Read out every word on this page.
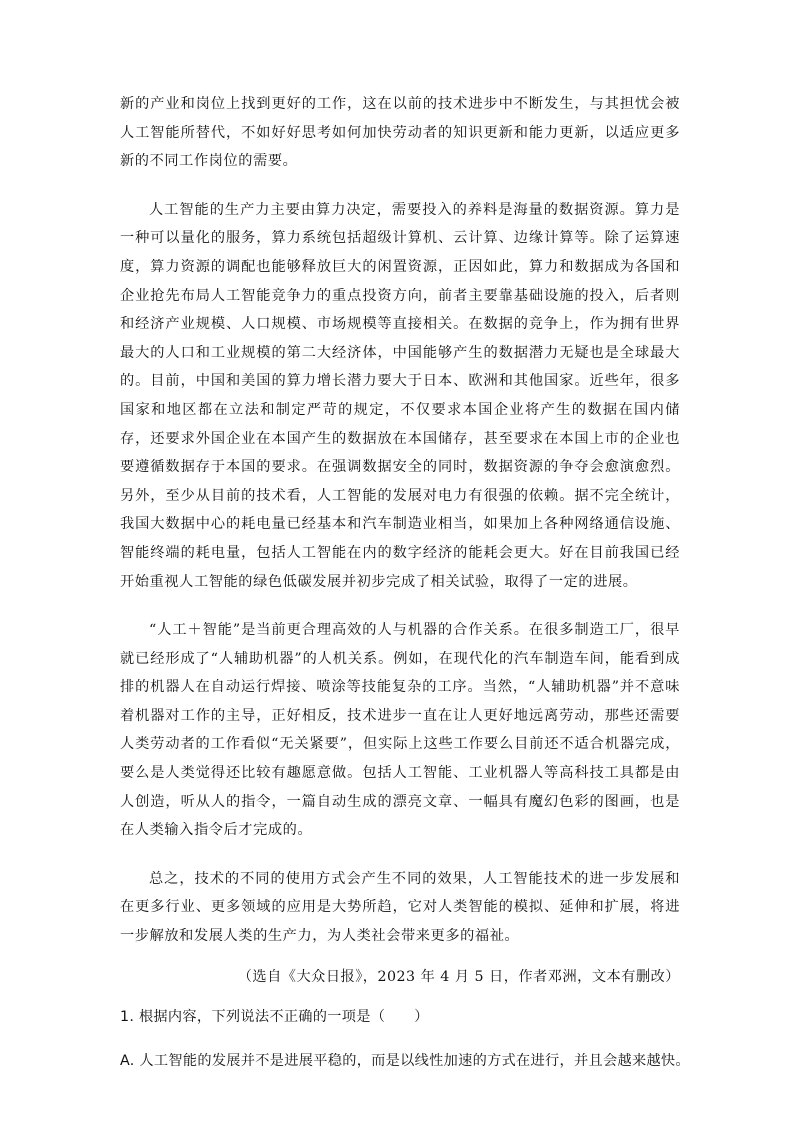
新的产业和岗位上找到更好的工作，这在以前的技术进步中不断发生，与其担忧会被人工智能所替代，不如好好思考如何加快劳动者的知识更新和能力更新，以适应更多新的不同工作岗位的需要。

人工智能的生产力主要由算力决定，需要投入的养料是海量的数据资源。算力是一种可以量化的服务，算力系统包括超级计算机、云计算、边缘计算等。除了运算速度，算力资源的调配也能够释放巨大的闲置资源，正因如此，算力和数据成为各国和企业抢先布局人工智能竞争力的重点投资方向，前者主要靠基础设施的投入，后者则和经济产业规模、人口规模、市场规模等直接相关。在数据的竞争上，作为拥有世界最大的人口和工业规模的第二大经济体，中国能够产生的数据潜力无疑也是全球最大的。目前，中国和美国的算力增长潜力要大于日本、欧洲和其他国家。近些年，很多国家和地区都在立法和制定严苛的规定，不仅要求本国企业将产生的数据在国内储存，还要求外国企业在本国产生的数据放在本国储存，甚至要求在本国上市的企业也要遵循数据存于本国的要求。在强调数据安全的同时，数据资源的争夺会愈演愈烈。另外，至少从目前的技术看，人工智能的发展对电力有很强的依赖。据不完全统计，我国大数据中心的耗电量已经基本和汽车制造业相当，如果加上各种网络通信设施、智能终端的耗电量，包括人工智能在内的数字经济的能耗会更大。好在目前我国已经开始重视人工智能的绿色低碳发展并初步完成了相关试验，取得了一定的进展。

“人工＋智能”是当前更合理高效的人与机器的合作关系。在很多制造工厂，很早就已经形成了“人辅助机器”的人机关系。例如，在现代化的汽车制造车间，能看到成排的机器人在自动运行焊接、喷涂等技能复杂的工序。当然，“人辅助机器”并不意味着机器对工作的主导，正好相反，技术进步一直在让人更好地远离劳动，那些还需要人类劳动者的工作看似“无关紧要”，但实际上这些工作要么目前还不适合机器完成，要么是人类觉得还比较有趣愿意做。包括人工智能、工业机器人等高科技工具都是由人创造，听从人的指令，一篇自动生成的漂亮文章、一幅具有魔幻色彩的图画，也是在人类输入指令后才完成的。

总之，技术的不同的使用方式会产生不同的效果，人工智能技术的进一步发展和在更多行业、更多领域的应用是大势所趋，它对人类智能的模拟、延伸和扩展，将进一步解放和发展人类的生产力，为人类社会带来更多的福祉。

（选自《大众日报》，2023 年 4 月 5 日，作者邓洲，文本有删改）

1. 根据内容，下列说法不正确的一项是（　　）

A. 人工智能的发展并不是进展平稳的，而是以线性加速的方式在进行，并且会越来越快。
